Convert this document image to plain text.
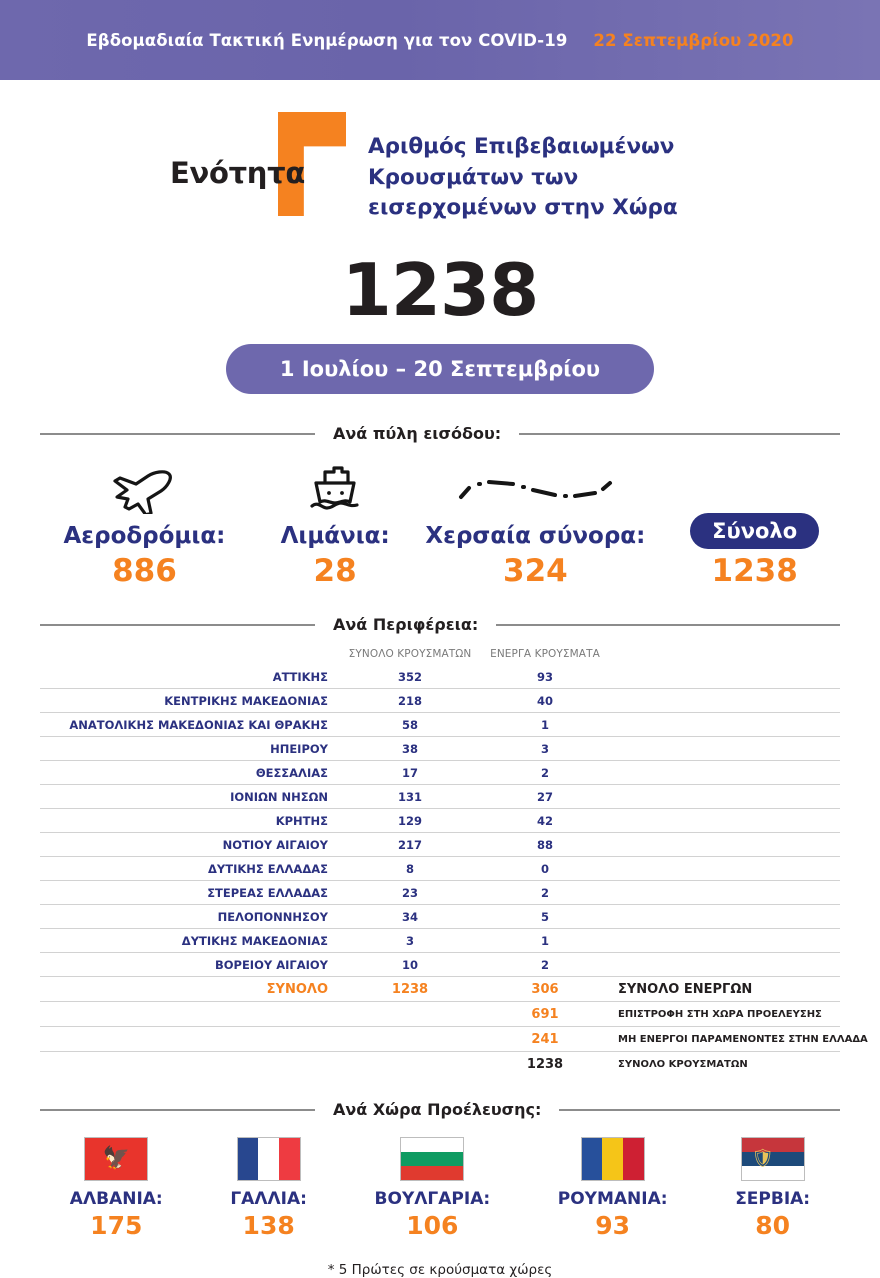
Εβδομαδιαία Τακτική Ενημέρωση για τον COVID-19 22 Σεπτεμβρίου 2020
Ενότητα
Αριθμός Επιβεβαιωμένων
Κρουσμάτων των
εισερχομένων στην Χώρα
1238
1 Ιουλίου – 20 Σεπτεμβρίου
Ανά πύλη εισόδου:
Αεροδρόμια:
886
Λιμάνια:
28
Χερσαία σύνορα:
324
Σύνολο
1238
Ανά Περιφέρεια:
	ΣΥΝΟΛΟ ΚΡΟΥΣΜΑΤΩΝ	ΕΝΕΡΓΑ ΚΡΟΥΣΜΑΤΑ	
ΑΤΤΙΚΗΣ	352	93	
ΚΕΝΤΡΙΚΗΣ ΜΑΚΕΔΟΝΙΑΣ	218	40	
ΑΝΑΤΟΛΙΚΗΣ ΜΑΚΕΔΟΝΙΑΣ ΚΑΙ ΘΡΑΚΗΣ	58	1	
ΗΠΕΙΡΟΥ	38	3	
ΘΕΣΣΑΛΙΑΣ	17	2	
ΙΟΝΙΩΝ ΝΗΣΩΝ	131	27	
ΚΡΗΤΗΣ	129	42	
ΝΟΤΙΟΥ ΑΙΓΑΙΟΥ	217	88	
ΔΥΤΙΚΗΣ ΕΛΛΑΔΑΣ	8	0	
ΣΤΕΡΕΑΣ ΕΛΛΑΔΑΣ	23	2	
ΠΕΛΟΠΟΝΝΗΣΟΥ	34	5	
ΔΥΤΙΚΗΣ ΜΑΚΕΔΟΝΙΑΣ	3	1	
ΒΟΡΕΙΟΥ ΑΙΓΑΙΟΥ	10	2	
ΣΥΝΟΛΟ	1238	306	ΣΥΝΟΛΟ ΕΝΕΡΓΩΝ
		691	ΕΠΙΣΤΡΟΦΗ ΣΤΗ ΧΩΡΑ ΠΡΟΕΛΕΥΣΗΣ
		241	ΜΗ ΕΝΕΡΓΟΙ ΠΑΡΑΜΕΝΟΝΤΕΣ ΣΤΗΝ ΕΛΛΑΔΑ
		1238	ΣΥΝΟΛΟ ΚΡΟΥΣΜΑΤΩΝ
Ανά Χώρα Προέλευσης:
🦅
ΑΛΒΑΝΙΑ:
175
ΓΑΛΛΙΑ:
138
ΒΟΥΛΓΑΡΙΑ:
106
ΡΟΥΜΑΝΙΑ:
93
🛡
ΣΕΡΒΙΑ:
80
* 5 Πρώτες σε κρούσματα χώρες
